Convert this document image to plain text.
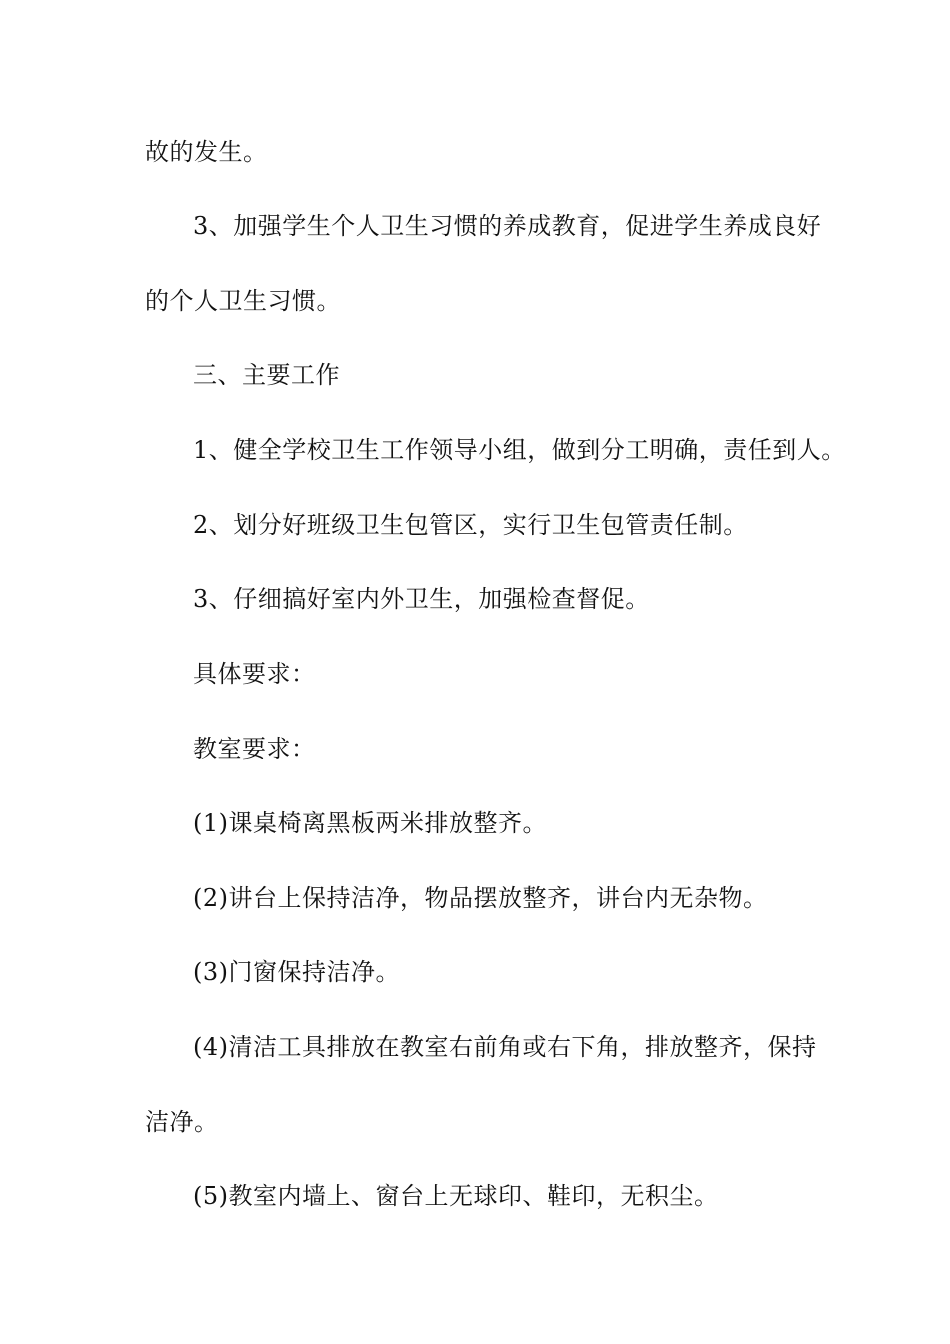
故的发生。
3、加强学生个人卫生习惯的养成教育，促进学生养成良好
的个人卫生习惯。
三、主要工作
1、健全学校卫生工作领导小组，做到分工明确，责任到人。
2、划分好班级卫生包管区，实行卫生包管责任制。
3、仔细搞好室内外卫生，加强检查督促。
具体要求：
教室要求：
(1)课桌椅离黑板两米排放整齐。
(2)讲台上保持洁净，物品摆放整齐，讲台内无杂物。
(3)门窗保持洁净。
(4)清洁工具排放在教室右前角或右下角，排放整齐，保持
洁净。
(5)教室内墙上、窗台上无球印、鞋印，无积尘。
